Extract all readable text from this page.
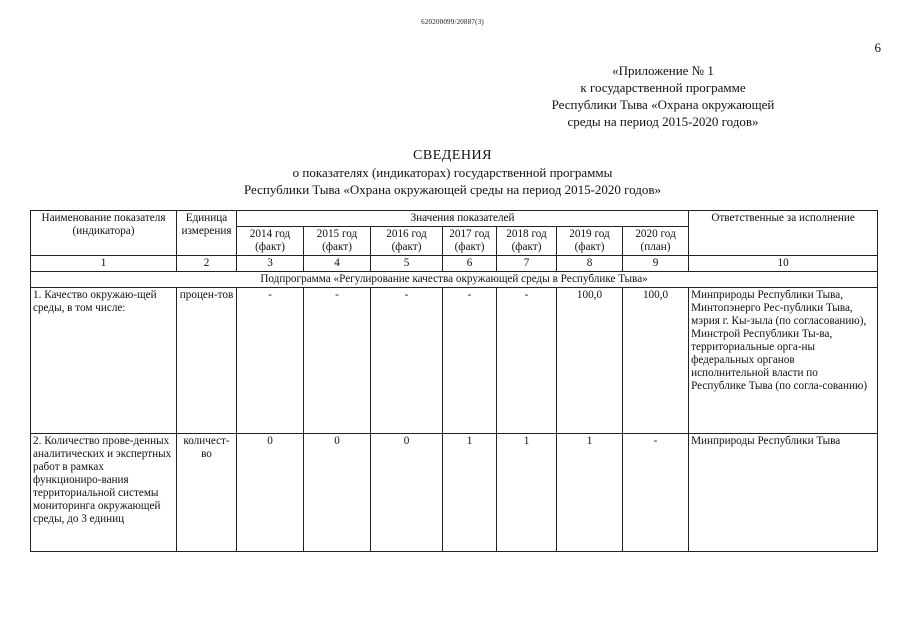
620200099/20887(3)
6
«Приложение № 1
к государственной программе
Республики Тыва «Охрана окружающей
среды на период 2015-2020 годов»
СВЕДЕНИЯ
о показателях (индикаторах) государственной программы
Республики Тыва «Охрана окружающей среды на период 2015-2020 годов»
Наименование показателя (индикатора)	Единица измерения	Значения показателей							Ответственные за исполнение
		2014 год (факт)	2015 год (факт)	2016 год (факт)	2017 год (факт)	2018 год (факт)	2019 год (факт)	2020 год (план)	
1	2	3	4	5	6	7	8	9	10
Подпрограмма «Регулирование качества окружающей среды в Республике Тыва»									
1. Качество окружаю-щей среды, в том числе:	процен-тов	-	-	-	-	-	100,0	100,0	Минприроды Республики Тыва, Минтопэнерго Рес-публики Тыва, мэрия г. Кы-зыла (по согласованию), Минстрой Республики Ты-ва, территориальные орга-ны федеральных органов исполнительной власти по Республике Тыва (по согла-сованию)
2. Количество прове-денных аналитических и экспертных работ в рамках функциониро-вания территориальной системы мониторинга окружающей среды, до 3 единиц	количест-во	0	0	0	1	1	1	-	Минприроды Республики Тыва
